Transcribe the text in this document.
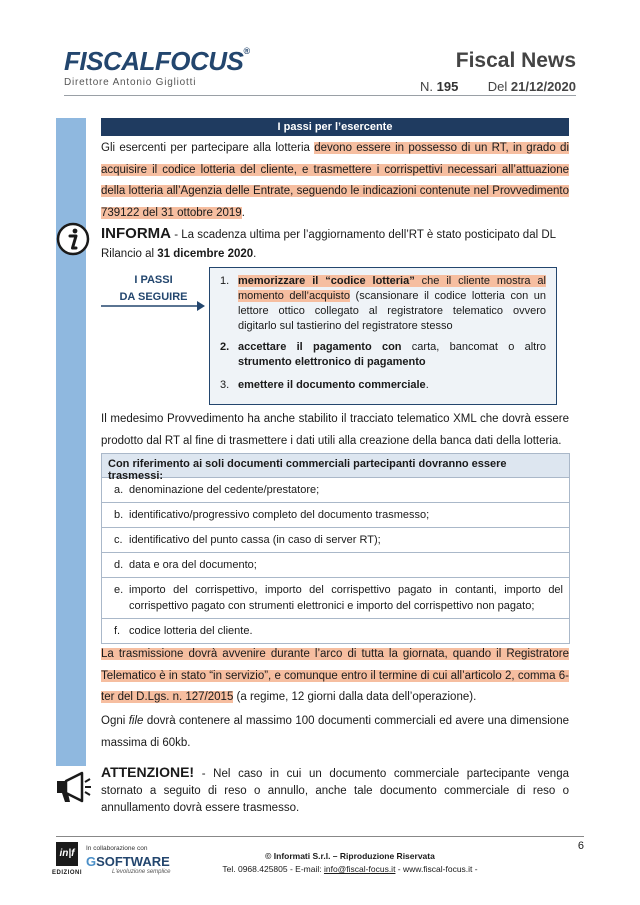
FISCALFOCUS®
Direttore Antonio Gigliotti
Fiscal News
N. 195 Del 21/12/2020
I passi per l’esercente
Gli esercenti per partecipare alla lotteria devono essere in possesso di un RT, in grado di acquisire il codice lotteria del cliente, e trasmettere i corrispettivi necessari all’attuazione della lotteria all’Agenzia delle Entrate, seguendo le indicazioni contenute nel Provvedimento 739122 del 31 ottobre 2019.
INFORMA - La scadenza ultima per l’aggiornamento dell’RT è stato posticipato dal DL Rilancio al 31 dicembre 2020.
I PASSI
DA SEGUIRE
1. memorizzare il “codice lotteria” che il cliente mostra al momento dell’acquisto (scansionare il codice lotteria con un lettore ottico collegato al registratore telematico ovvero digitarlo sul tastierino del registratore stesso
2. accettare il pagamento con carta, bancomat o altro strumento elettronico di pagamento
3. emettere il documento commerciale.
Il medesimo Provvedimento ha anche stabilito il tracciato telematico XML che dovrà essere prodotto dal RT al fine di trasmettere i dati utili alla creazione della banca dati della lotteria.
Con riferimento ai soli documenti commerciali partecipanti dovranno essere trasmessi:
a. denominazione del cedente/prestatore;
b. identificativo/progressivo completo del documento trasmesso;
c. identificativo del punto cassa (in caso di server RT);
d. data e ora del documento;
e. importo del corrispettivo, importo del corrispettivo pagato in contanti, importo del corrispettivo pagato con strumenti elettronici e importo del corrispettivo non pagato;
f. codice lotteria del cliente.
La trasmissione dovrà avvenire durante l’arco di tutta la giornata, quando il Registratore Telematico è in stato “in servizio”, e comunque entro il termine di cui all’articolo 2, comma 6-ter del D.Lgs. n. 127/2015 (a regime, 12 giorni dalla data dell’operazione).
Ogni file dovrà contenere al massimo 100 documenti commerciali ed avere una dimensione massima di 60kb.
ATTENZIONE! - Nel caso in cui un documento commerciale partecipante venga stornato a seguito di reso o annullo, anche tale documento commerciale di reso o annullamento dovrà essere trasmesso.
6
in|f
EDIZIONI
In collaborazione con
GSOFTWARE
L'evoluzione semplice
© Informati S.r.l. – Riproduzione Riservata
Tel. 0968.425805 - E-mail: info@fiscal-focus.it - www.fiscal-focus.it -
